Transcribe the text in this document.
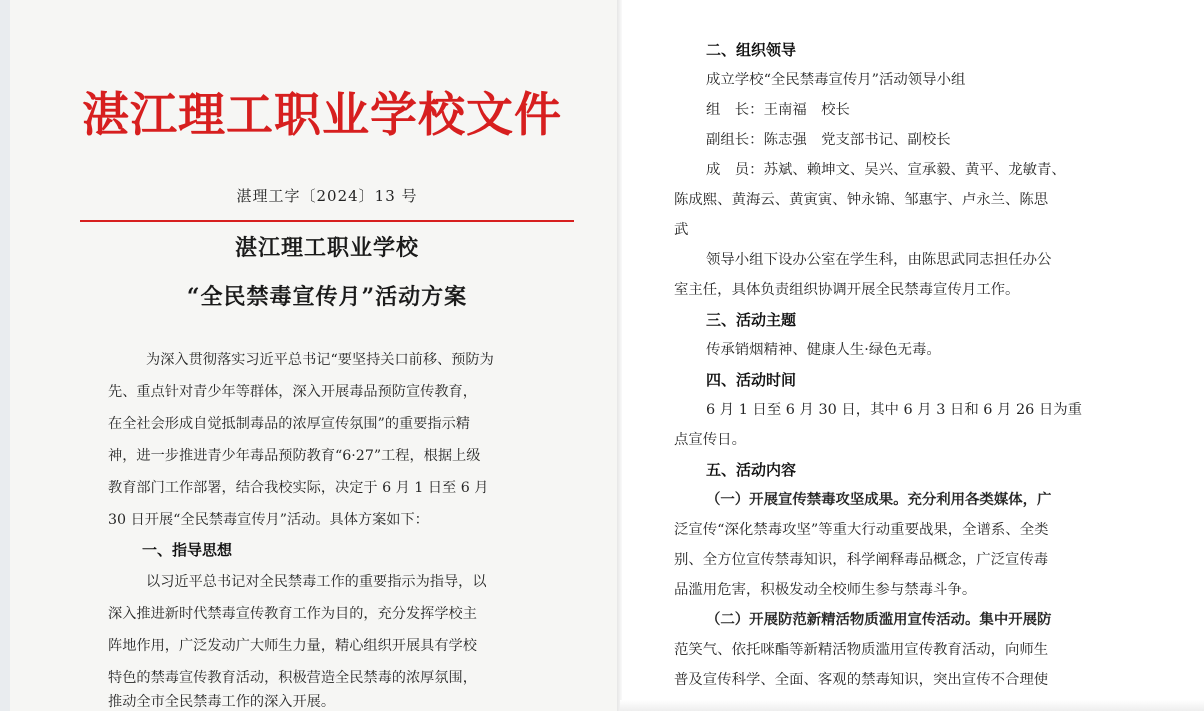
湛江理工职业学校文件
湛理工字〔2024〕13 号
湛江理工职业学校
“全民禁毒宣传月”活动方案
为深入贯彻落实习近平总书记“要坚持关口前移、预防为
先、重点针对青少年等群体，深入开展毒品预防宣传教育，
在全社会形成自觉抵制毒品的浓厚宣传氛围”的重要指示精
神，进一步推进青少年毒品预防教育“6·27”工程，根据上级
教育部门工作部署，结合我校实际，决定于 6 月 1 日至 6 月
30 日开展“全民禁毒宣传月”活动。具体方案如下：
一、指导思想
以习近平总书记对全民禁毒工作的重要指示为指导，以
深入推进新时代禁毒宣传教育工作为目的，充分发挥学校主
阵地作用，广泛发动广大师生力量，精心组织开展具有学校
特色的禁毒宣传教育活动，积极营造全民禁毒的浓厚氛围，
推动全市全民禁毒工作的深入开展。
二、组织领导
成立学校“全民禁毒宣传月”活动领导小组
组　长：王南福　校长
副组长：陈志强　党支部书记、副校长
成　员：苏斌、赖坤文、吴兴、宣承毅、黄平、龙敏青、
陈成熙、黄海云、黄寅寅、钟永锦、邹惠宇、卢永兰、陈思
武
领导小组下设办公室在学生科，由陈思武同志担任办公
室主任，具体负责组织协调开展全民禁毒宣传月工作。
三、活动主题
传承销烟精神、健康人生·绿色无毒。
四、活动时间
6 月 1 日至 6 月 30 日，其中 6 月 3 日和 6 月 26 日为重
点宣传日。
五、活动内容
（一）开展宣传禁毒攻坚成果。充分利用各类媒体，广
泛宣传“深化禁毒攻坚”等重大行动重要战果，全谱系、全类
别、全方位宣传禁毒知识，科学阐释毒品概念，广泛宣传毒
品滥用危害，积极发动全校师生参与禁毒斗争。
（二）开展防范新精活物质滥用宣传活动。集中开展防
范笑气、依托咪酯等新精活物质滥用宣传教育活动，向师生
普及宣传科学、全面、客观的禁毒知识，突出宣传不合理使
